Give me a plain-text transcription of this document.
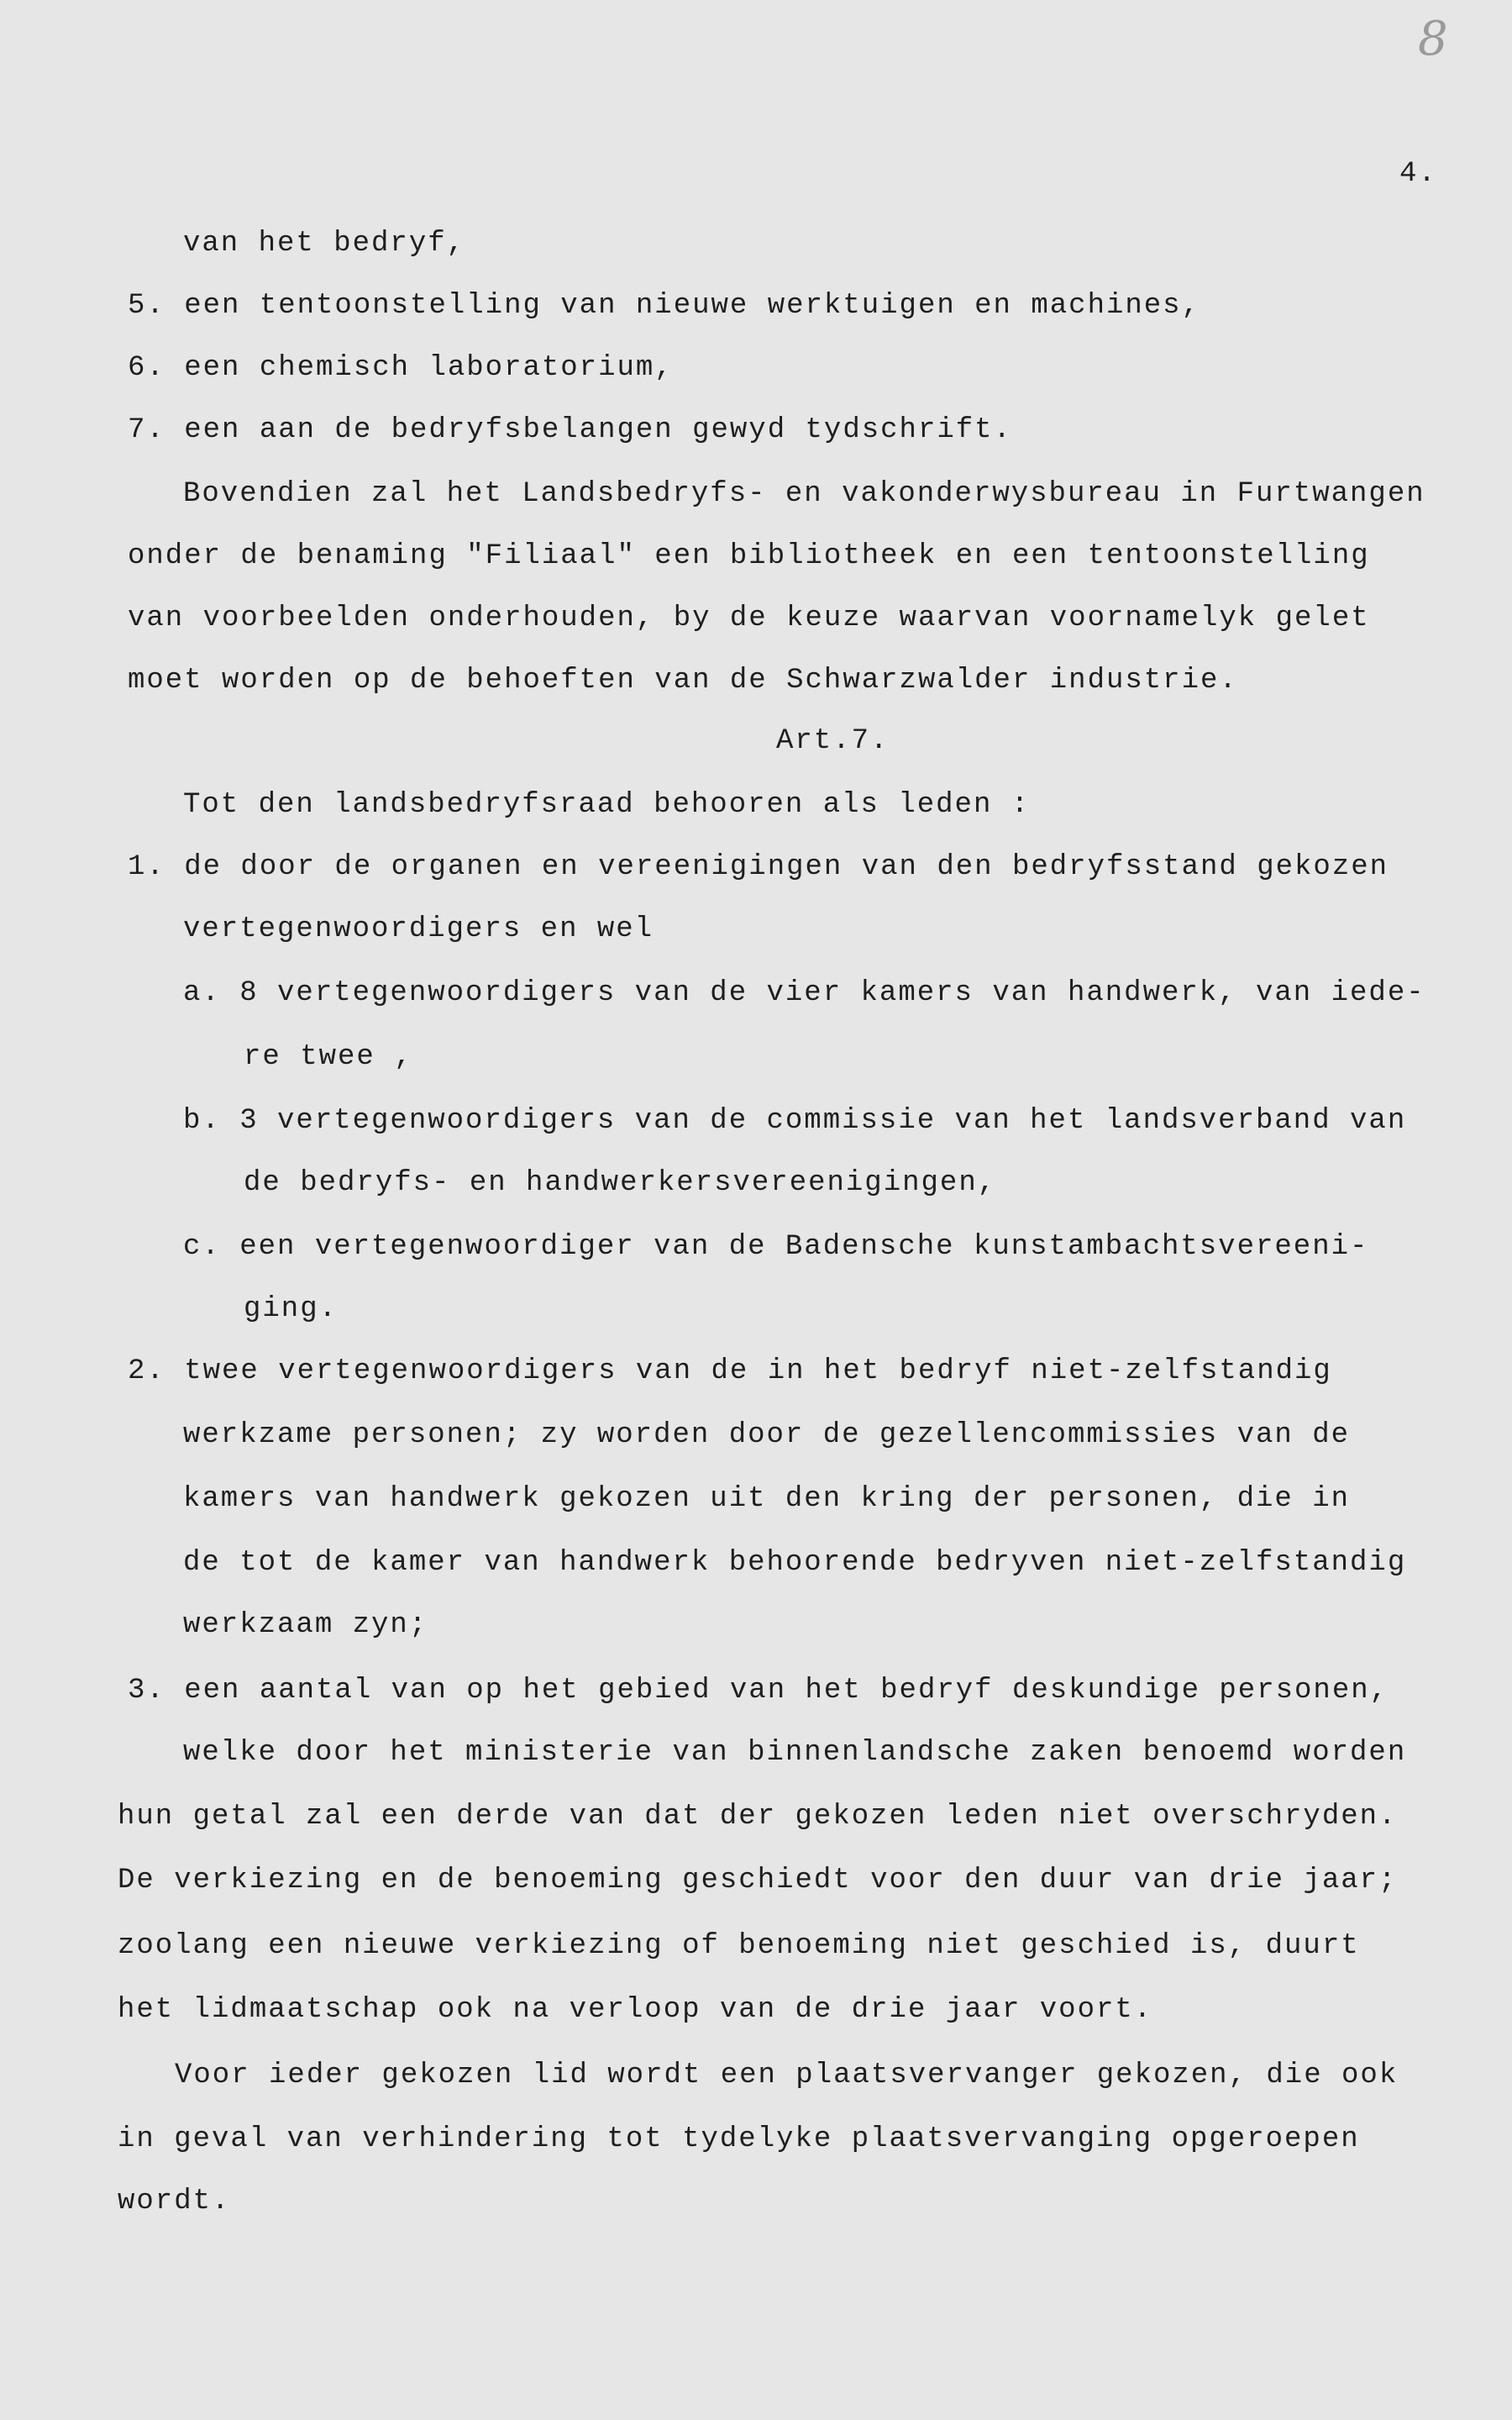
8
4.
van het bedryf,
5. een tentoonstelling van nieuwe werktuigen en machines,
6. een chemisch laboratorium,
7. een aan de bedryfsbelangen gewyd tydschrift.
Bovendien zal het Landsbedryfs- en vakonderwysbureau in Furtwangen
onder de benaming "Filiaal" een bibliotheek en een tentoonstelling
van voorbeelden onderhouden, by de keuze waarvan voornamelyk gelet
moet worden op de behoeften van de Schwarzwalder industrie.
Art.7.
Tot den landsbedryfsraad behooren als leden :
1. de door de organen en vereenigingen van den bedryfsstand gekozen
vertegenwoordigers en wel
a. 8 vertegenwoordigers van de vier kamers van handwerk, van iede-
re twee ,
b. 3 vertegenwoordigers van de commissie van het landsverband van
de bedryfs- en handwerkersvereenigingen,
c. een vertegenwoordiger van de Badensche kunstambachtsvereeni-
ging.
2. twee vertegenwoordigers van de in het bedryf niet-zelfstandig
werkzame personen; zy worden door de gezellencommissies van de
kamers van handwerk gekozen uit den kring der personen, die in
de tot de kamer van handwerk behoorende bedryven niet-zelfstandig
werkzaam zyn;
3. een aantal van op het gebied van het bedryf deskundige personen,
welke door het ministerie van binnenlandsche zaken benoemd worden
hun getal zal een derde van dat der gekozen leden niet overschryden.
De verkiezing en de benoeming geschiedt voor den duur van drie jaar;
zoolang een nieuwe verkiezing of benoeming niet geschied is, duurt
het lidmaatschap ook na verloop van de drie jaar voort.
Voor ieder gekozen lid wordt een plaatsvervanger gekozen, die ook
in geval van verhindering tot tydelyke plaatsvervanging opgeroepen
wordt.
